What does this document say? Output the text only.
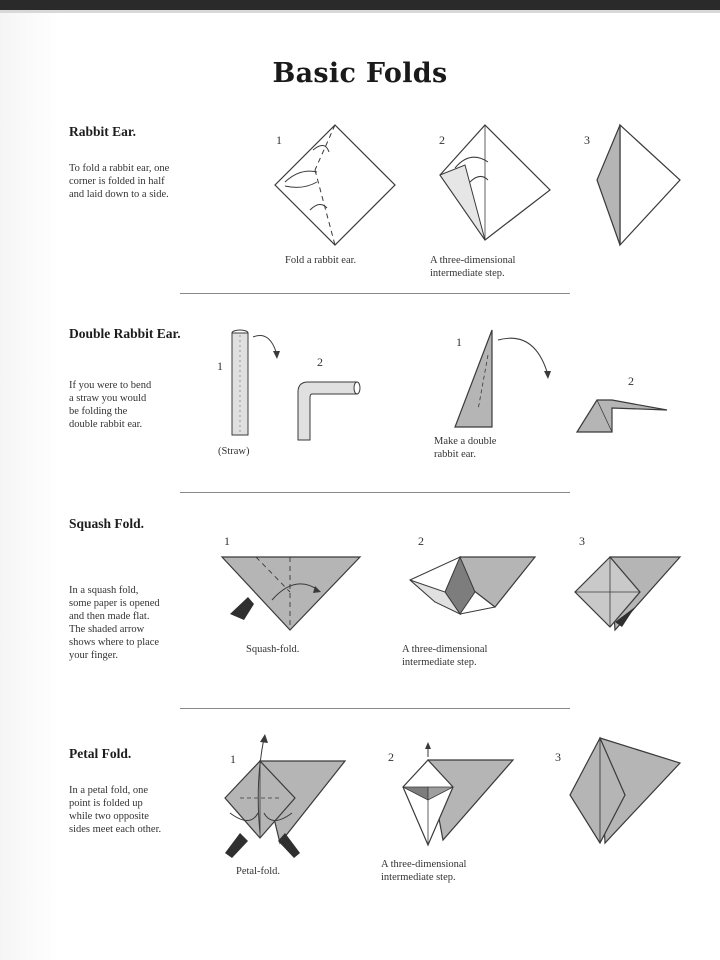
Basic Folds
Rabbit Ear.
To fold a rabbit ear, one
corner is folded in half
and laid down to a side.
1	2	3
Fold a rabbit ear.	A three-dimensional
intermediate step.
Double Rabbit Ear.
If you were to bend
a straw you would
be folding the
double rabbit ear.
1	2
1
2
(Straw)
Make a double
rabbit ear.
Squash Fold.
In a squash fold,
some paper is opened
and then made flat.
The shaded arrow
shows where to place
your finger.
1	2	3
Squash-fold.	A three-dimensional
intermediate step.
Petal Fold.
In a petal fold, one
point is folded up
while two opposite
sides meet each other.
1	2	3
Petal-fold.
A three-dimensional
intermediate step.
